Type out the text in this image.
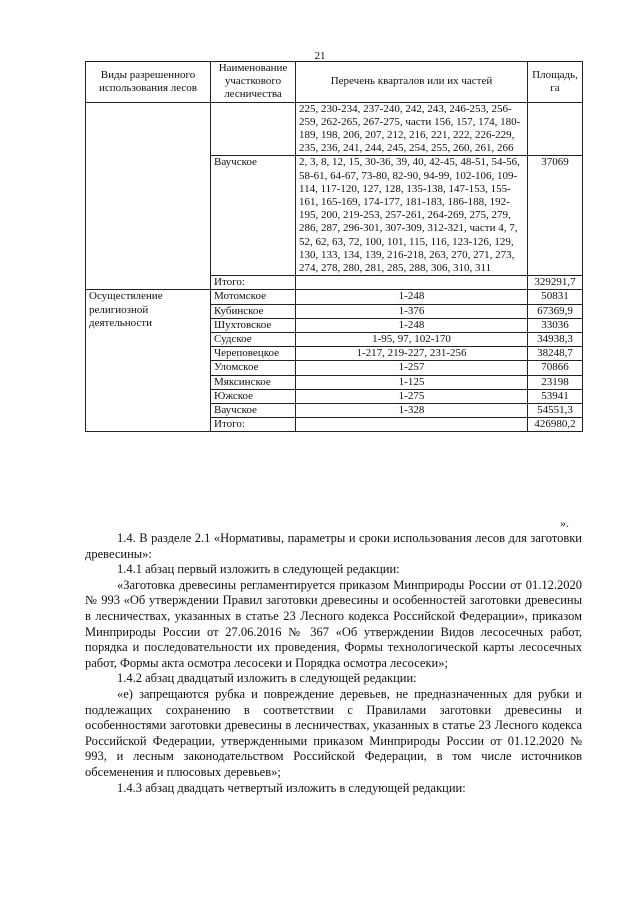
21
Виды разрешенного использования лесов	Наименование участкового лесничества	Перечень кварталов или их частей	Площадь, га
		225, 230-234, 237-240, 242, 243, 246-253, 256-259, 262-265, 267-275, части 156, 157, 174, 180-189, 198, 206, 207, 212, 216, 221, 222, 226-229, 235, 236, 241, 244, 245, 254, 255, 260, 261, 266	
	Ваучское	2, 3, 8, 12, 15, 30-36, 39, 40, 42-45, 48-51, 54-56, 58-61, 64-67, 73-80, 82-90, 94-99, 102-106, 109-114, 117-120, 127, 128, 135-138, 147-153, 155-161, 165-169, 174-177, 181-183, 186-188, 192-195, 200, 219-253, 257-261, 264-269, 275, 279, 286, 287, 296-301, 307-309, 312-321, части 4, 7, 52, 62, 63, 72, 100, 101, 115, 116, 123-126, 129, 130, 133, 134, 139, 216-218, 263, 270, 271, 273, 274, 278, 280, 281, 285, 288, 306, 310, 311	37069
	Итого:		329291,7
Осуществление религиозной деятельности	Мотомское	1-248	50831
	Кубинское	1-376	67369,9
	Шухтовское	1-248	33036
	Судское	1-95, 97, 102-170	34938,3
	Череповецкое	1-217, 219-227, 231-256	38248,7
	Уломское	1-257	70866
	Мяксинское	1-125	23198
	Южское	1-275	53941
	Ваучское	1-328	54551,3
	Итого:		426980,2
».

1.4. В разделе 2.1 «Нормативы, параметры и сроки использования лесов для заготовки древесины»:

1.4.1 абзац первый изложить в следующей редакции:

«Заготовка древесины регламентируется приказом Минприроды России от 01.12.2020 № 993 «Об утверждении Правил заготовки древесины и особенностей заготовки древесины в лесничествах, указанных в статье 23 Лесного кодекса Российской Федерации», приказом Минприроды России от 27.06.2016 № 367 «Об утверждении Видов лесосечных работ, порядка и последовательности их проведения, Формы технологической карты лесосечных работ, Формы акта осмотра лесосеки и Порядка осмотра лесосеки»;

1.4.2 абзац двадцатый изложить в следующей редакции:

«е) запрещаются рубка и повреждение деревьев, не предназначенных для рубки и подлежащих сохранению в соответствии с Правилами заготовки древесины и особенностями заготовки древесины в лесничествах, указанных в статье 23 Лесного кодекса Российской Федерации, утвержденными приказом Минприроды России от 01.12.2020 № 993, и лесным законодательством Российской Федерации, в том числе источников обсеменения и плюсовых деревьев»;

1.4.3 абзац двадцать четвертый изложить в следующей редакции:
